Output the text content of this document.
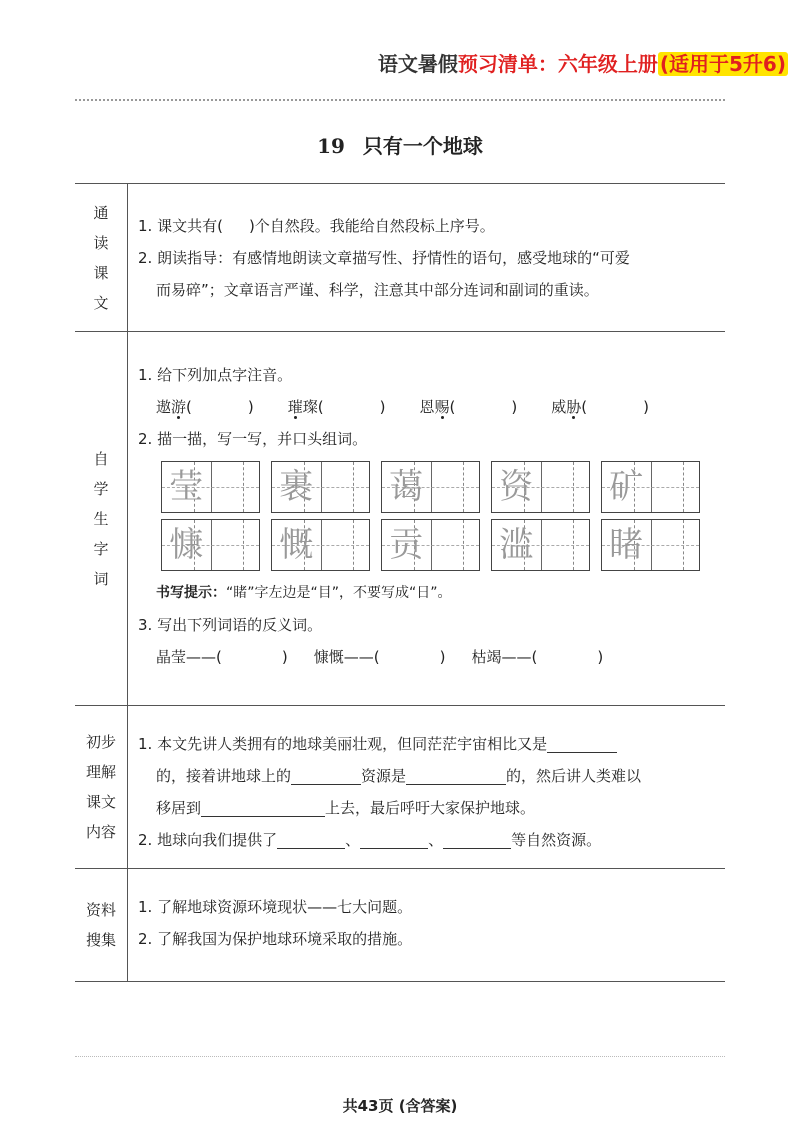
语文暑假预习清单：六年级上册 (适用于5升6)
19 只有一个地球
通读课文
1. 课文共有( )个自然段。我能给自然段标上序号。
2. 朗读指导：有感情地朗读文章描写性、抒情性的语句，感受地球的“可爱
而易碎”；文章语言严谨、科学，注意其中部分连词和副词的重读。
自学生字词
1. 给下列加点字注音。
遨游(	) 璀璨(	) 恩赐(	) 威胁(	)
2. 描一描，写一写，并口头组词。
莹 裹 蔼 资 矿
慷 慨 贡 滥 睹
书写提示：“睹”字左边是“目”，不要写成“日”。
3. 写出下列词语的反义词。
晶莹——(	) 慷慨——(	) 枯竭——(	)
初步理解课文内容
1. 本文先讲人类拥有的地球美丽壮观，但同茫茫宇宙相比又是
的，接着讲地球上的	资源是	的，然后讲人类难以
移居到	上去，最后呼吁大家保护地球。
2. 地球向我们提供了	、	、	等自然资源。
资料搜集
1. 了解地球资源环境现状——七大问题。
2. 了解我国为保护地球环境采取的措施。
共43页 (含答案)
